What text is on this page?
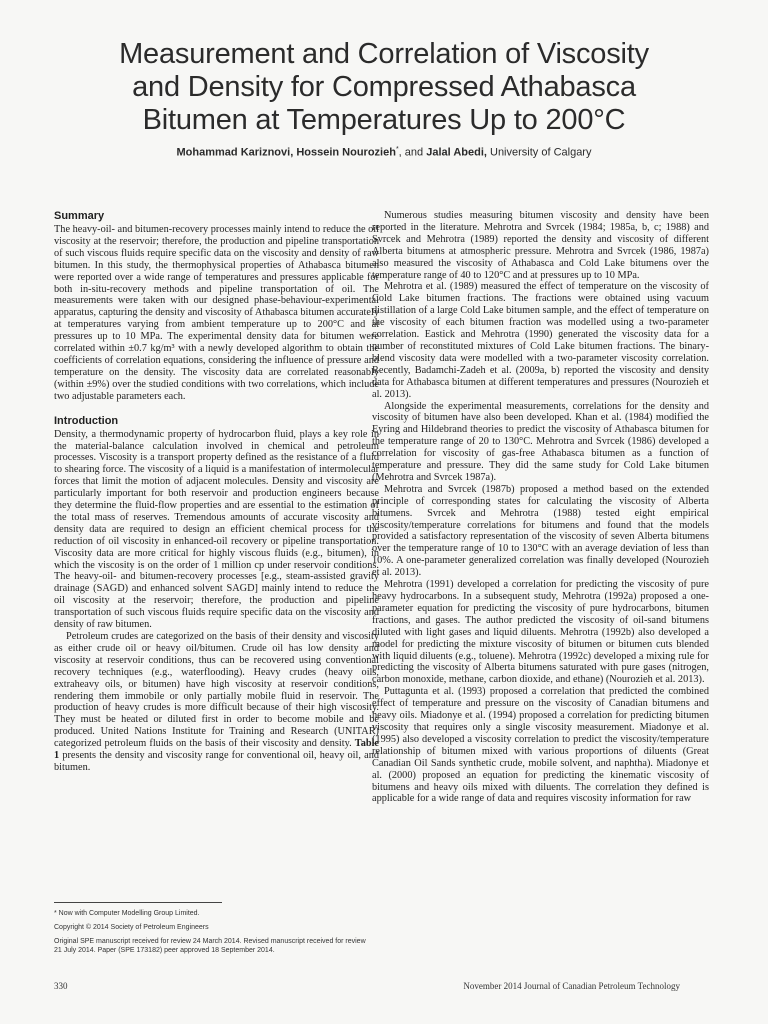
Measurement and Correlation of Viscosity
and Density for Compressed Athabasca
Bitumen at Temperatures Up to 200°C
Mohammad Kariznovi, Hossein Nourozieh*, and Jalal Abedi, University of Calgary
Summary

The heavy-oil- and bitumen-recovery processes mainly intend to reduce the oil viscosity at the reservoir; therefore, the production and pipeline transportation of such viscous fluids require specific data on the viscosity and density of raw bitumen. In this study, the thermophysical properties of Athabasca bitumen were reported over a wide range of temperatures and pressures applicable for both in-situ-recovery methods and pipeline transportation of oil. The measurements were taken with our designed phase-behaviour-experimental apparatus, capturing the density and viscosity of Athabasca bitumen accurately at temperatures varying from ambient temperature up to 200°C and at pressures up to 10 MPa. The experimental density data for bitumen were correlated within ±0.7 kg/m³ with a newly developed algorithm to obtain the coefficients of correlation equations, considering the influence of pressure and temperature on the density. The viscosity data are correlated reasonably (within ±9%) over the studied conditions with two correlations, which include two adjustable parameters each.

Introduction

Density, a thermodynamic property of hydrocarbon fluid, plays a key role in the material-balance calculation involved in chemical and petroleum processes. Viscosity is a transport property defined as the resistance of a fluid to shearing force. The viscosity of a liquid is a manifestation of intermolecular forces that limit the motion of adjacent molecules. Density and viscosity are particularly important for both reservoir and production engineers because they determine the fluid-flow properties and are essential to the estimation of the total mass of reserves. Tremendous amounts of accurate viscosity and density data are required to design an efficient chemical process for the reduction of oil viscosity in enhanced-oil recovery or pipeline transportation. Viscosity data are more critical for highly viscous fluids (e.g., bitumen), in which the viscosity is on the order of 1 million cp under reservoir conditions. The heavy-oil- and bitumen-recovery processes [e.g., steam-assisted gravity drainage (SAGD) and enhanced solvent SAGD] mainly intend to reduce the oil viscosity at the reservoir; therefore, the production and pipeline transportation of such viscous fluids require specific data on the viscosity and density of raw bitumen.

Petroleum crudes are categorized on the basis of their density and viscosity as either crude oil or heavy oil/bitumen. Crude oil has low density and viscosity at reservoir conditions, thus can be recovered using conventional recovery techniques (e.g., waterflooding). Heavy crudes (heavy oils, extraheavy oils, or bitumen) have high viscosity at reservoir conditions, rendering them immobile or only partially mobile fluid in reservoir. The production of heavy crudes is more difficult because of their high viscosity. They must be heated or diluted first in order to become mobile and be produced. United Nations Institute for Training and Research (UNITAR) categorized petroleum fluids on the basis of their viscosity and density. Table 1 presents the density and viscosity range for conventional oil, heavy oil, and bitumen.

Numerous studies measuring bitumen viscosity and density have been reported in the literature. Mehrotra and Svrcek (1984; 1985a, b, c; 1988) and Svrcek and Mehrotra (1989) reported the density and viscosity of different Alberta bitumens at atmospheric pressure. Mehrotra and Svrcek (1986, 1987a) also measured the viscosity of Athabasca and Cold Lake bitumens over the temperature range of 40 to 120°C and at pressures up to 10 MPa.

Mehrotra et al. (1989) measured the effect of temperature on the viscosity of Cold Lake bitumen fractions. The fractions were obtained using vacuum distillation of a large Cold Lake bitumen sample, and the effect of temperature on the viscosity of each bitumen fraction was modelled using a two-parameter correlation. Eastick and Mehrotra (1990) generated the viscosity data for a number of reconstituted mixtures of Cold Lake bitumen fractions. The binary-blend viscosity data were modelled with a two-parameter viscosity correlation. Recently, Badamchi-Zadeh et al. (2009a, b) reported the viscosity and density data for Athabasca bitumen at different temperatures and pressures (Nourozieh et al. 2013).

Alongside the experimental measurements, correlations for the density and viscosity of bitumen have also been developed. Khan et al. (1984) modified the Eyring and Hildebrand theories to predict the viscosity of Athabasca bitumen for the temperature range of 20 to 130°C. Mehrotra and Svrcek (1986) developed a correlation for viscosity of gas-free Athabasca bitumen as a function of temperature and pressure. They did the same study for Cold Lake bitumen (Mehrotra and Svrcek 1987a).

Mehrotra and Svrcek (1987b) proposed a method based on the extended principle of corresponding states for calculating the viscosity of Alberta bitumens. Svrcek and Mehrotra (1988) tested eight empirical viscosity/temperature correlations for bitumens and found that the models provided a satisfactory representation of the viscosity of seven Alberta bitumens over the temperature range of 10 to 130°C with an average deviation of less than 10%. A one-parameter generalized correlation was finally developed (Nourozieh et al. 2013).

Mehrotra (1991) developed a correlation for predicting the viscosity of pure heavy hydrocarbons. In a subsequent study, Mehrotra (1992a) proposed a one-parameter equation for predicting the viscosity of pure hydrocarbons, bitumen fractions, and gases. The author predicted the viscosity of oil-sand bitumens diluted with light gases and liquid diluents. Mehrotra (1992b) also developed a model for predicting the mixture viscosity of bitumen or bitumen cuts blended with liquid diluents (e.g., toluene). Mehrotra (1992c) developed a mixing rule for predicting the viscosity of Alberta bitumens saturated with pure gases (nitrogen, carbon monoxide, methane, carbon dioxide, and ethane) (Nourozieh et al. 2013).

Puttagunta et al. (1993) proposed a correlation that predicted the combined effect of temperature and pressure on the viscosity of Canadian bitumens and heavy oils. Miadonye et al. (1994) proposed a correlation for predicting bitumen viscosity that requires only a single viscosity measurement. Miadonye et al. (1995) also developed a viscosity correlation to predict the viscosity/temperature relationship of bitumen mixed with various proportions of diluents (Great Canadian Oil Sands synthetic crude, mobile solvent, and naphtha). Miadonye et al. (2000) proposed an equation for predicting the kinematic viscosity of bitumens and heavy oils mixed with diluents. The correlation they defined is applicable for a wide range of data and requires viscosity information for raw

* Now with Computer Modelling Group Limited.

Copyright © 2014 Society of Petroleum Engineers

Original SPE manuscript received for review 24 March 2014. Revised manuscript received for review 21 July 2014. Paper (SPE 173182) peer approved 18 September 2014.

330	November 2014 Journal of Canadian Petroleum Technology
